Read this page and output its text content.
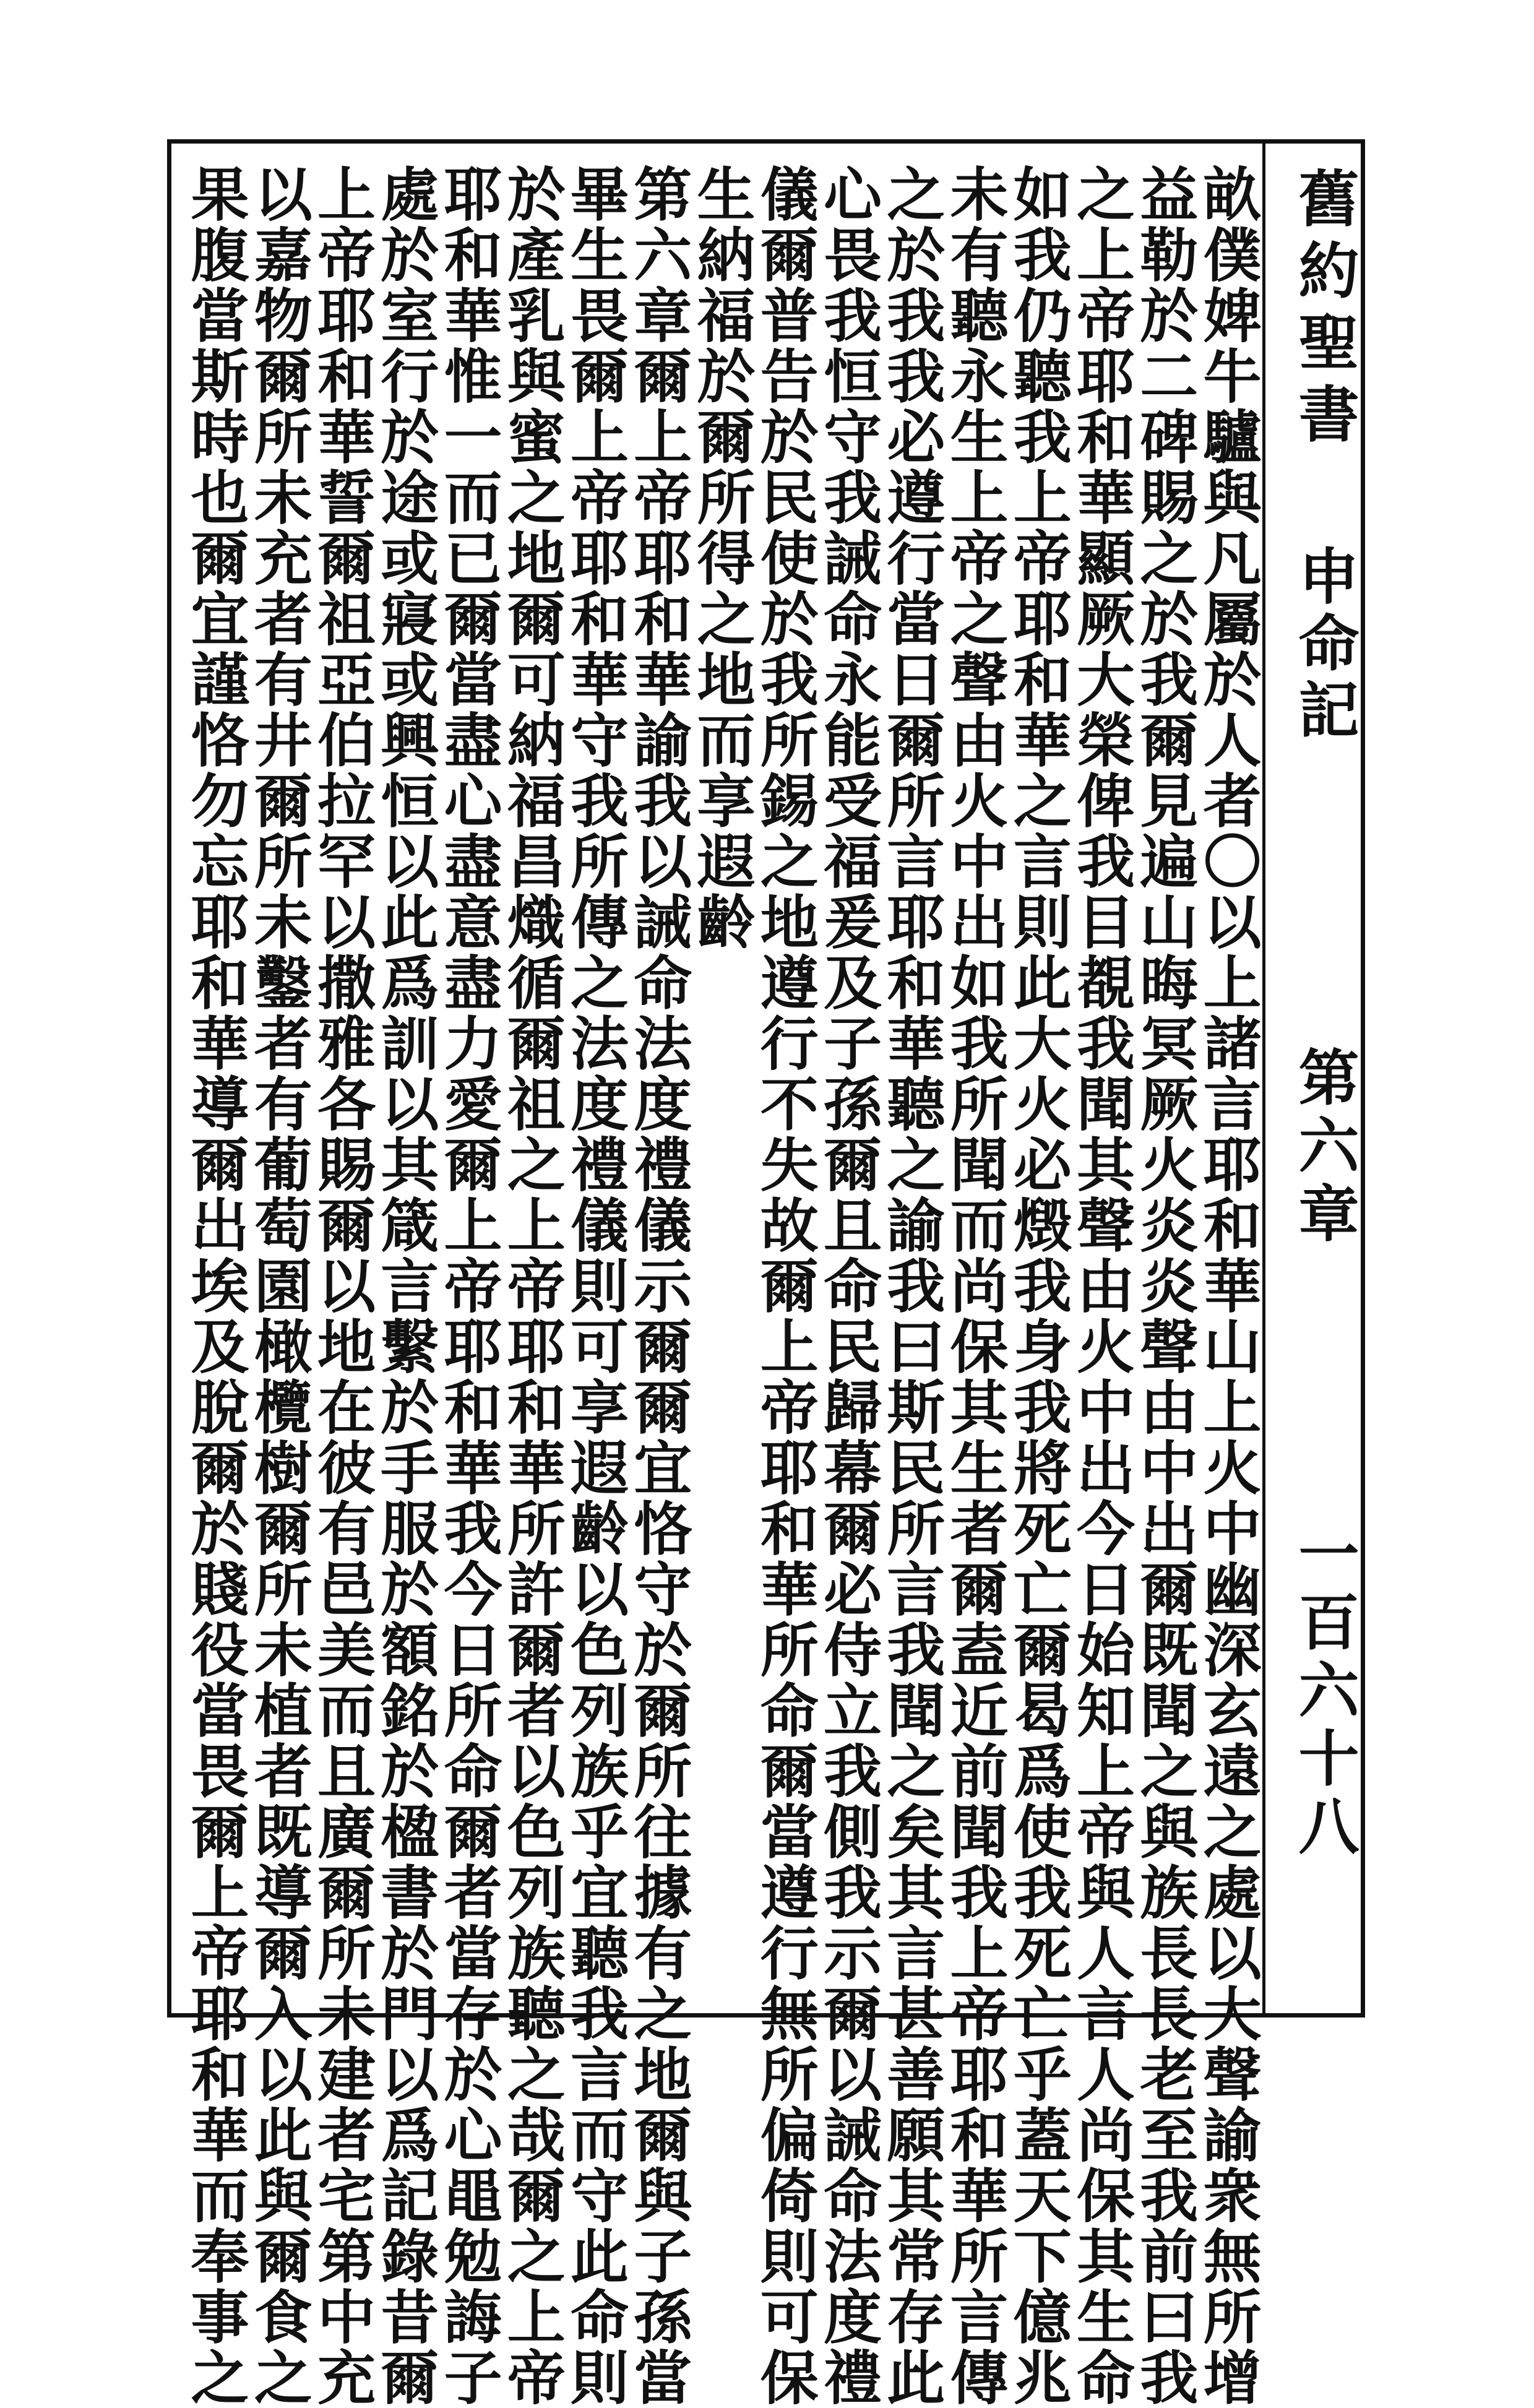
舊約聖書
申命記
第六章
一百六十八
畝僕婢牛驢與凡屬於人者〇以上諸言耶和華山上火中幽深玄遠之處以大聲諭衆無所增
益勒於二碑賜之於我爾見遍山晦冥厥火炎炎聲由中出爾既聞之與族長長老至我前曰我
之上帝耶和華顯厥大榮俾我目覩我聞其聲由火中出今日始知上帝與人言人尚保其生命
如我仍聽我上帝耶和華之言則此大火必燬我身我將死亡爾曷爲使我死亡乎蓋天下億兆
未有聽永生上帝之聲由火中出如我所聞而尚保其生者爾盍近前聞我上帝耶和華所言傳
之於我我必遵行當日爾所言耶和華聽之諭我曰斯民所言我聞之矣其言甚善願其常存此
心畏我恒守我誡命永能受福爰及子孫爾且命民歸幕爾必侍立我側我示爾以誡命法度禮
儀爾普告於民使於我所錫之地遵行不失故爾上帝耶和華所命爾當遵行無所偏倚則可保
生納福於爾所得之地而享遐齡
第六章爾上帝耶和華諭我以誡命法度禮儀示爾爾宜恪守於爾所往據有之地爾與子孫當
畢生畏爾上帝耶和華守我所傳之法度禮儀則可享遐齡以色列族乎宜聽我言而守此命則
於產乳與蜜之地爾可納福昌熾循爾祖之上帝耶和華所許爾者以色列族聽之哉爾之上帝
耶和華惟一而已爾當盡心盡意盡力愛爾上帝耶和華我今日所命爾者當存於心黽勉誨子
處於室行於途或寢或興恒以此爲訓以其箴言繫於手服於額銘於楹書於門以爲記錄昔爾
上帝耶和華誓爾祖亞伯拉罕以撒雅各賜爾以地在彼有邑美而且廣爾所未建者宅第中充
以嘉物爾所未充者有井爾所未鑿者有葡萄園橄欖樹爾所未植者既導爾入以此與爾食之
果腹當斯時也爾宜謹恪勿忘耶和華導爾出埃及脫爾於賤役當畏爾上帝耶和華而奉事之
